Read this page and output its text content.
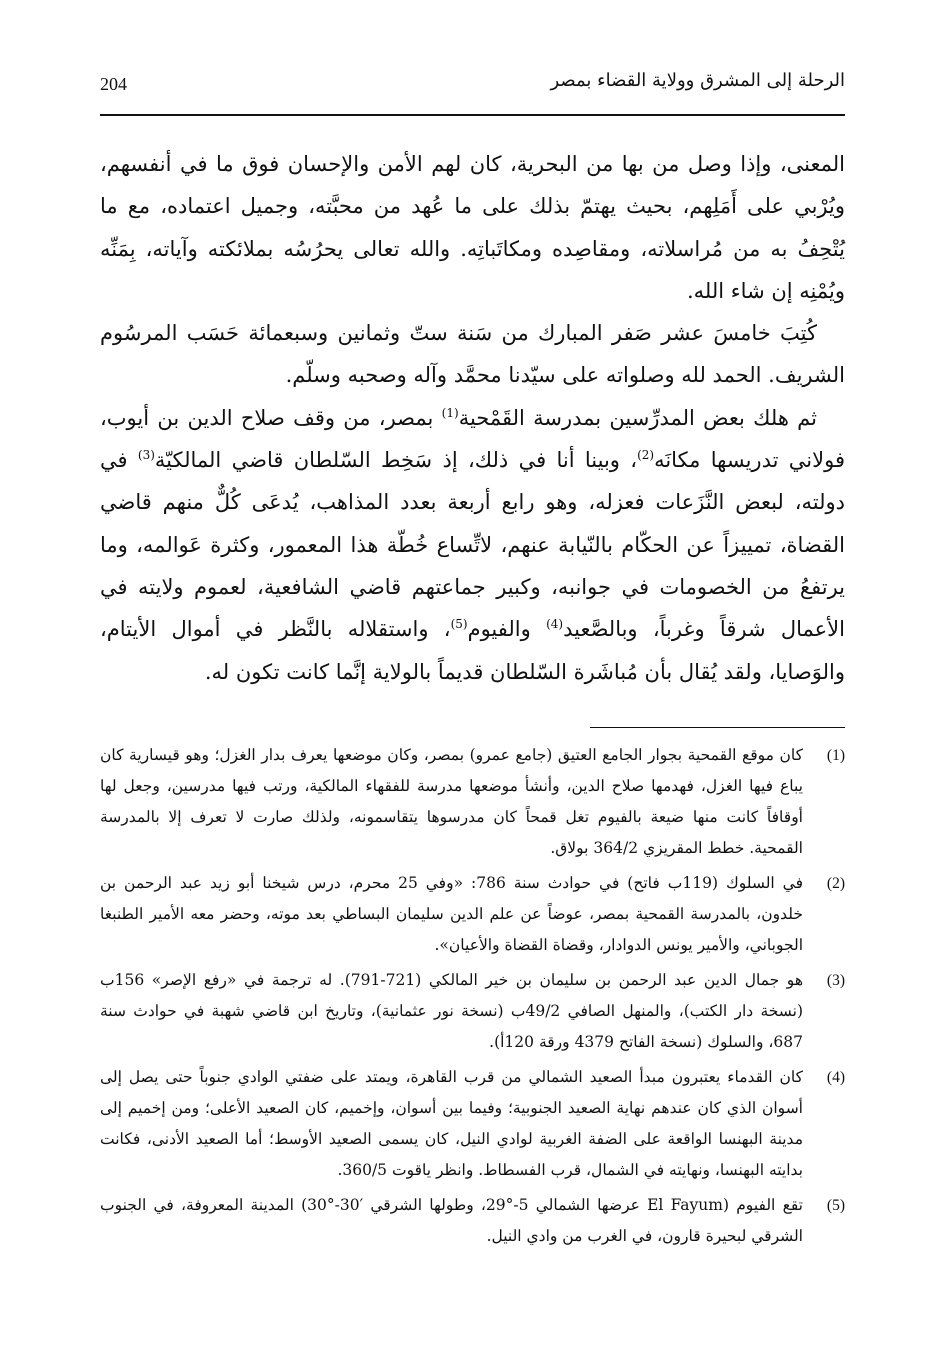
204	الرحلة إلى المشرق وولاية القضاء بمصر

المعنى، وإذا وصل من بها من البحرية، كان لهم الأمن والإحسان فوق ما في أنفسهم، ويُرْبي على أَمَلِهم، بحيث يهتمّ بذلك على ما عُهد من محبَّته، وجميل اعتماده، مع ما يُتْحِفُ به من مُراسلاته، ومقاصِده ومكاتَباتِه. والله تعالى يحرُسُه بملائكته وآياته، بِمَنِّه ويُمْنِه إن شاء الله.

كُتِبَ خامسَ عشر صَفر المبارك من سَنة ستّ وثمانين وسبعمائة حَسَب المرسُوم الشريف. الحمد لله وصلواته على سيّدنا محمَّد وآله وصحبه وسلّم.

ثم هلك بعض المدرِّسين بمدرسة القَمْحية$^{(1)}$ بمصر، من وقف صلاح الدين بن أيوب، فولاني تدريسها مكانَه$^{(2)}$، وبينا أنا في ذلك، إذ سَخِط السّلطان قاضي المالكيّة$^{(3)}$ في دولته، لبعض النَّزَعات فعزله، وهو رابع أربعة بعدد المذاهب، يُدعَى كُلٌّ منهم قاضي القضاة، تمييزاً عن الحكّام بالنّيابة عنهم، لاتِّساع خُطّة هذا المعمور، وكثرة عَوالمه، وما يرتفعُ من الخصومات في جوانبه، وكبير جماعتهم قاضي الشافعية، لعموم ولايته في الأعمال شرقاً وغرباً، وبالصَّعيد$^{(4)}$ والفيوم$^{(5)}$، واستقلاله بالنَّظر في أموال الأيتام، والوَصايا، ولقد يُقال بأن مُباشَرة السّلطان قديماً بالولاية إنَّما كانت تكون له.

(1)
كان موقع القمحية بجوار الجامع العتيق (جامع عمرو) بمصر، وكان موضعها يعرف بدار الغزل؛ وهو قيسارية كان يباع فيها الغزل، فهدمها صلاح الدين، وأنشأ موضعها مدرسة للفقهاء المالكية، ورتب فيها مدرسين، وجعل لها أوقافاً كانت منها ضيعة بالفيوم تغل قمحاً كان مدرسوها يتقاسمونه، ولذلك صارت لا تعرف إلا بالمدرسة القمحية. خطط المقريزي 364/2 بولاق.
(2)
في السلوك (119ب فاتح) في حوادث سنة 786: «وفي 25 محرم، درس شيخنا أبو زيد عبد الرحمن بن خلدون، بالمدرسة القمحية بمصر، عوضاً عن علم الدين سليمان البساطي بعد موته، وحضر معه الأمير الطنبغا الجوباني، والأمير يونس الدوادار، وقضاة القضاة والأعيان».
(3)
هو جمال الدين عبد الرحمن بن سليمان بن خير المالكي (721-791). له ترجمة في «رفع الإصر» 156ب (نسخة دار الكتب)، والمنهل الصافي 49/2ب (نسخة نور عثمانية)، وتاريخ ابن قاضي شهبة في حوادث سنة 687، والسلوك (نسخة الفاتح 4379 ورقة 120أ).
(4)
كان القدماء يعتبرون مبدأ الصعيد الشمالي من قرب القاهرة، ويمتد على ضفتي الوادي جنوباً حتى يصل إلى أسوان الذي كان عندهم نهاية الصعيد الجنوبية؛ وفيما بين أسوان، وإخميم، كان الصعيد الأعلى؛ ومن إخميم إلى مدينة البهنسا الواقعة على الضفة الغربية لوادي النيل، كان يسمى الصعيد الأوسط؛ أما الصعيد الأدنى، فكانت بدايته البهنسا، ونهايته في الشمال، قرب الفسطاط. وانظر ياقوت 360/5.
(5)
تقع الفيوم (El Fayum عرضها الشمالي 5-°29، وطولها الشرقي ′30-°30) المدينة المعروفة، في الجنوب الشرقي لبحيرة قارون، في الغرب من وادي النيل.
